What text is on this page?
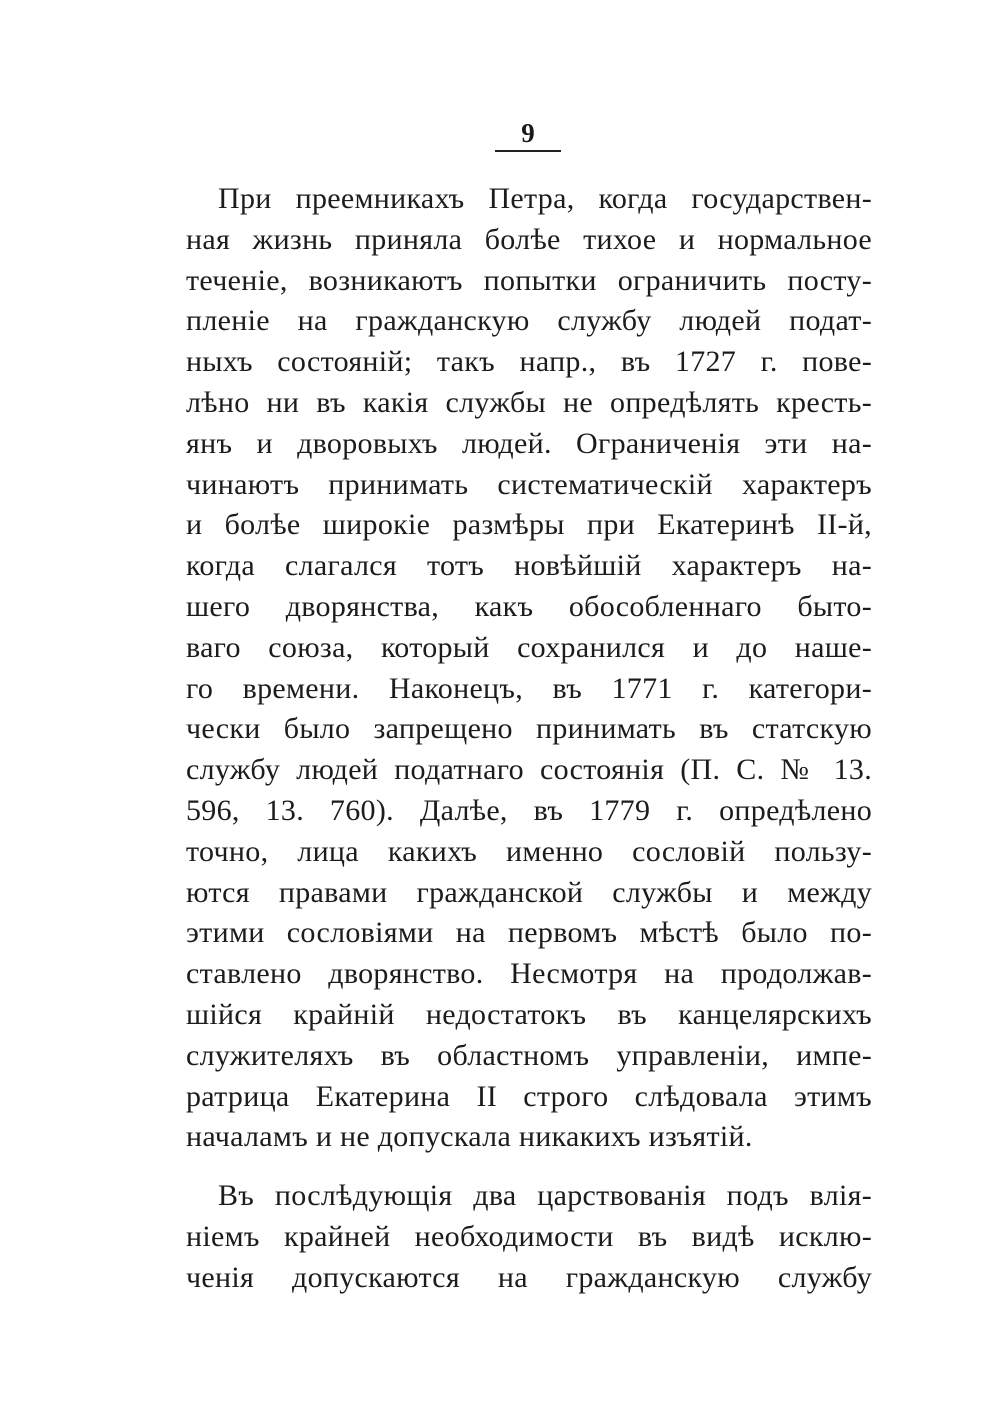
9
При преемникахъ Петра, когда государствен-
ная жизнь приняла болѣе тихое и нормальное
теченіе, возникаютъ попытки ограничить посту-
пленіе на гражданскую службу людей подат-
ныхъ состояній; такъ напр., въ 1727 г. пове-
лѣно ни въ какія службы не опредѣлять кресть-
янъ и дворовыхъ людей. Ограниченія эти на-
чинаютъ принимать систематическій характеръ
и болѣе широкіе размѣры при Екатеринѣ II-й,
когда слагался тотъ новѣйшій характеръ на-
шего дворянства, какъ обособленнаго быто-
ваго союза, который сохранился и до наше-
го времени. Наконецъ, въ 1771 г. категори-
чески было запрещено принимать въ статскую
службу людей податнаго состоянія (П. С. № 13.
596, 13. 760). Далѣе, въ 1779 г. опредѣлено
точно, лица какихъ именно сословій пользу-
ются правами гражданской службы и между
этими сословіями на первомъ мѣстѣ было по-
ставлено дворянство. Несмотря на продолжав-
шійся крайній недостатокъ въ канцелярскихъ
служителяхъ въ областномъ управленіи, импе-
ратрица Екатерина II строго слѣдовала этимъ
началамъ и не допускала никакихъ изъятій.
Въ послѣдующія два царствованія подъ влія-
ніемъ крайней необходимости въ видѣ исклю-
ченія допускаются на гражданскую службу
